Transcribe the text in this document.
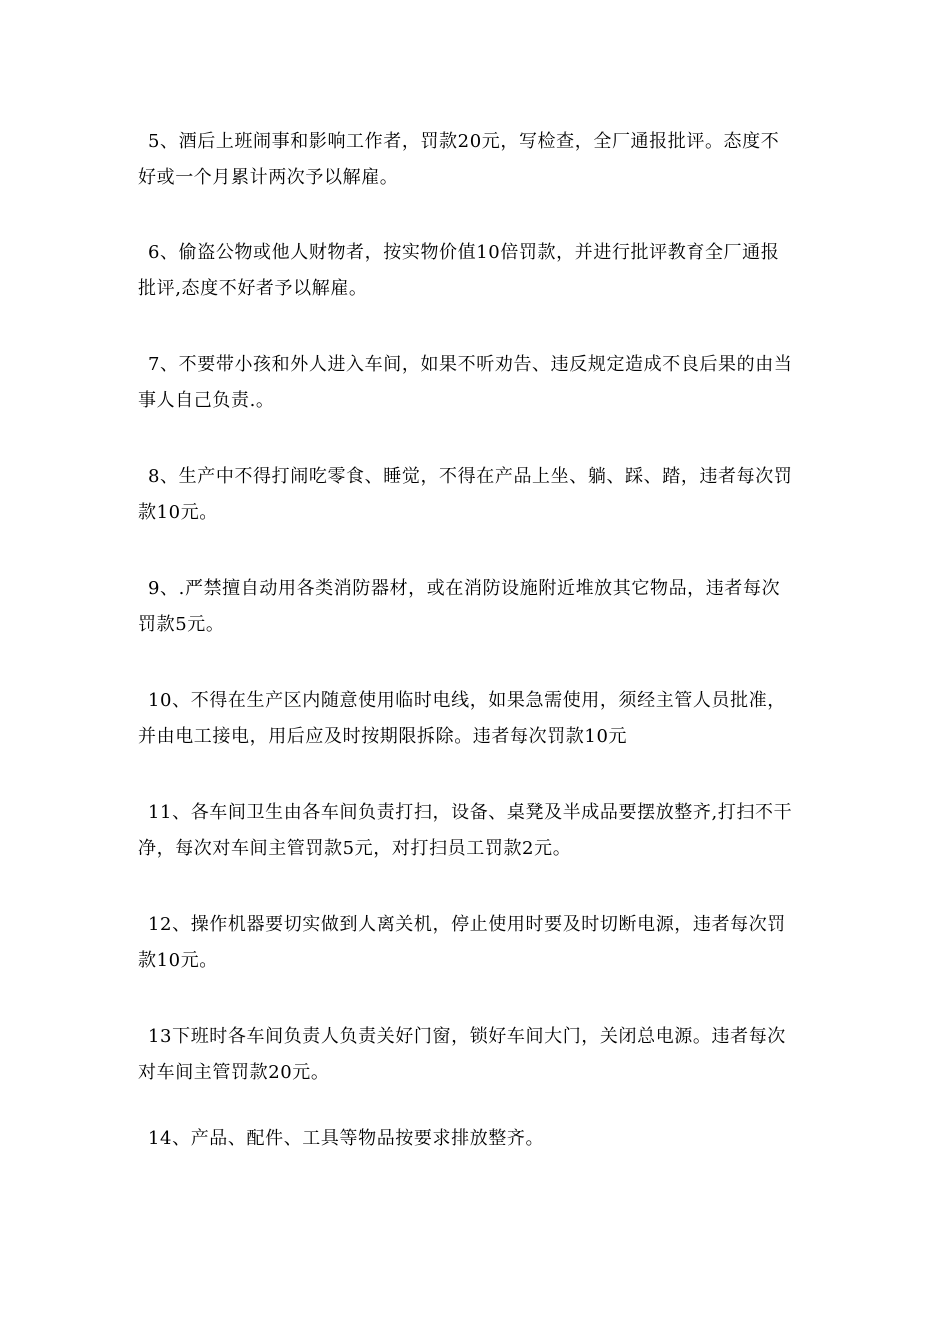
5、酒后上班闹事和影响工作者，罚款20元，写检查，全厂通报批评。态度不
好或一个月累计两次予以解雇。

6、偷盗公物或他人财物者，按实物价值10倍罚款，并进行批评教育全厂通报
批评,态度不好者予以解雇。

7、不要带小孩和外人进入车间，如果不听劝告、违反规定造成不良后果的由当
事人自己负责.。

8、生产中不得打闹吃零食、睡觉，不得在产品上坐、躺、踩、踏，违者每次罚
款10元。

9、.严禁擅自动用各类消防器材，或在消防设施附近堆放其它物品，违者每次
罚款5元。

10、不得在生产区内随意使用临时电线，如果急需使用，须经主管人员批准，
并由电工接电，用后应及时按期限拆除。违者每次罚款10元

11、各车间卫生由各车间负责打扫，设备、桌凳及半成品要摆放整齐,打扫不干
净，每次对车间主管罚款5元，对打扫员工罚款2元。

12、操作机器要切实做到人离关机，停止使用时要及时切断电源，违者每次罚
款10元。

13下班时各车间负责人负责关好门窗，锁好车间大门，关闭总电源。违者每次
对车间主管罚款20元。

14、产品、配件、工具等物品按要求排放整齐。
